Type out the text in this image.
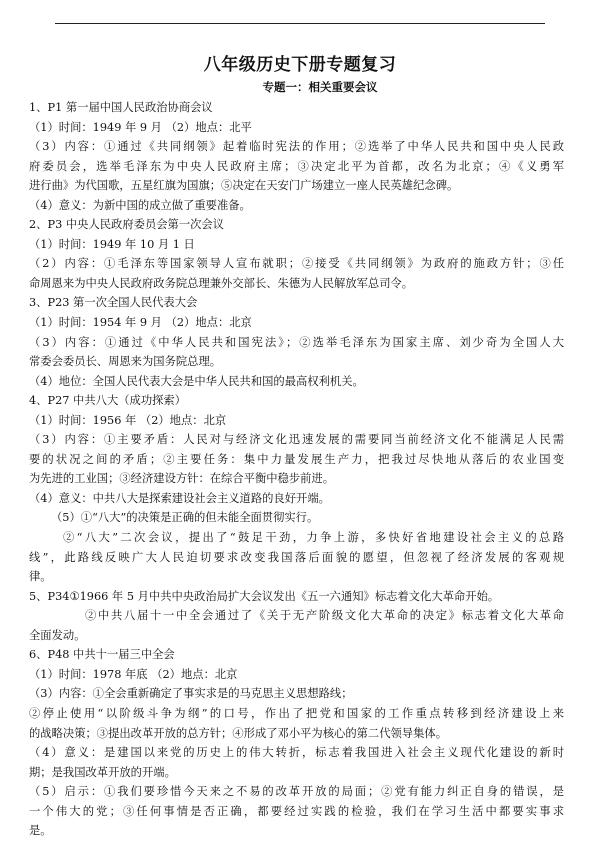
八年级历史下册专题复习
专题一：相关重要会议
1、P1 第一届中国人民政治协商会议
（1）时间：1949 年 9 月 （2）地点：北平
（3）内容：①通过《共同纲领》起着临时宪法的作用；②选举了中华人民共和国中央人民政
府委员会，选举毛泽东为中央人民政府主席；③决定北平为首都，改名为北京；④《义勇军
进行曲》为代国歌，五星红旗为国旗；⑤决定在天安门广场建立一座人民英雄纪念碑。
（4）意义：为新中国的成立做了重要准备。
2、P3 中央人民政府委员会第一次会议
（1）时间：1949 年 10 月 1 日
（2）内容：①毛泽东等国家领导人宣布就职；②接受《共同纲领》为政府的施政方针；③任
命周恩来为中央人民政府政务院总理兼外交部长、朱德为人民解放军总司令。
3、P23 第一次全国人民代表大会
（1）时间：1954 年 9 月 （2）地点：北京
（3）内容：①通过《中华人民共和国宪法》；②选举毛泽东为国家主席、刘少奇为全国人大
常委会委员长、周恩来为国务院总理。
（4）地位：全国人民代表大会是中华人民共和国的最高权利机关。
4、P27 中共八大（成功探索）
（1）时间：1956 年 （2）地点：北京
（3）内容：①主要矛盾：人民对与经济文化迅速发展的需要同当前经济文化不能满足人民需
要的状况之间的矛盾；②主要任务：集中力量发展生产力，把我过尽快地从落后的农业国变
为先进的工业国；③经济建设方针：在综合平衡中稳步前进。
（4）意义：中共八大是探索建设社会主义道路的良好开端。
（5）①“八大”的决策是正确的但未能全面贯彻实行。
②“八大”二次会议，提出了“鼓足干劲，力争上游，多快好省地建设社会主义的总路
线”，此路线反映广大人民迫切要求改变我国落后面貌的愿望，但忽视了经济发展的客观规
律。
5、P34①1966 年 5 月中共中央政治局扩大会议发出《五一六通知》标志着文化大革命开始。
②中共八届十一中全会通过了《关于无产阶级文化大革命的决定》标志着文化大革命
全面发动。
6、P48 中共十一届三中全会
（1）时间：1978 年底 （2）地点：北京
（3）内容：①全会重新确定了事实求是的马克思主义思想路线；
②停止使用“以阶级斗争为纲”的口号，作出了把党和国家的工作重点转移到经济建设上来
的战略决策；③提出改革开放的总方针；④形成了邓小平为核心的第二代领导集体。
（4）意义：是建国以来党的历史上的伟大转折，标志着我国进入社会主义现代化建设的新时
期；是我国改革开放的开端。
（5）启示：①我们要珍惜今天来之不易的改革开放的局面；②党有能力纠正自身的错误，是
一个伟大的党；③任何事情是否正确，都要经过实践的检验，我们在学习生活中都要实事求
是。
